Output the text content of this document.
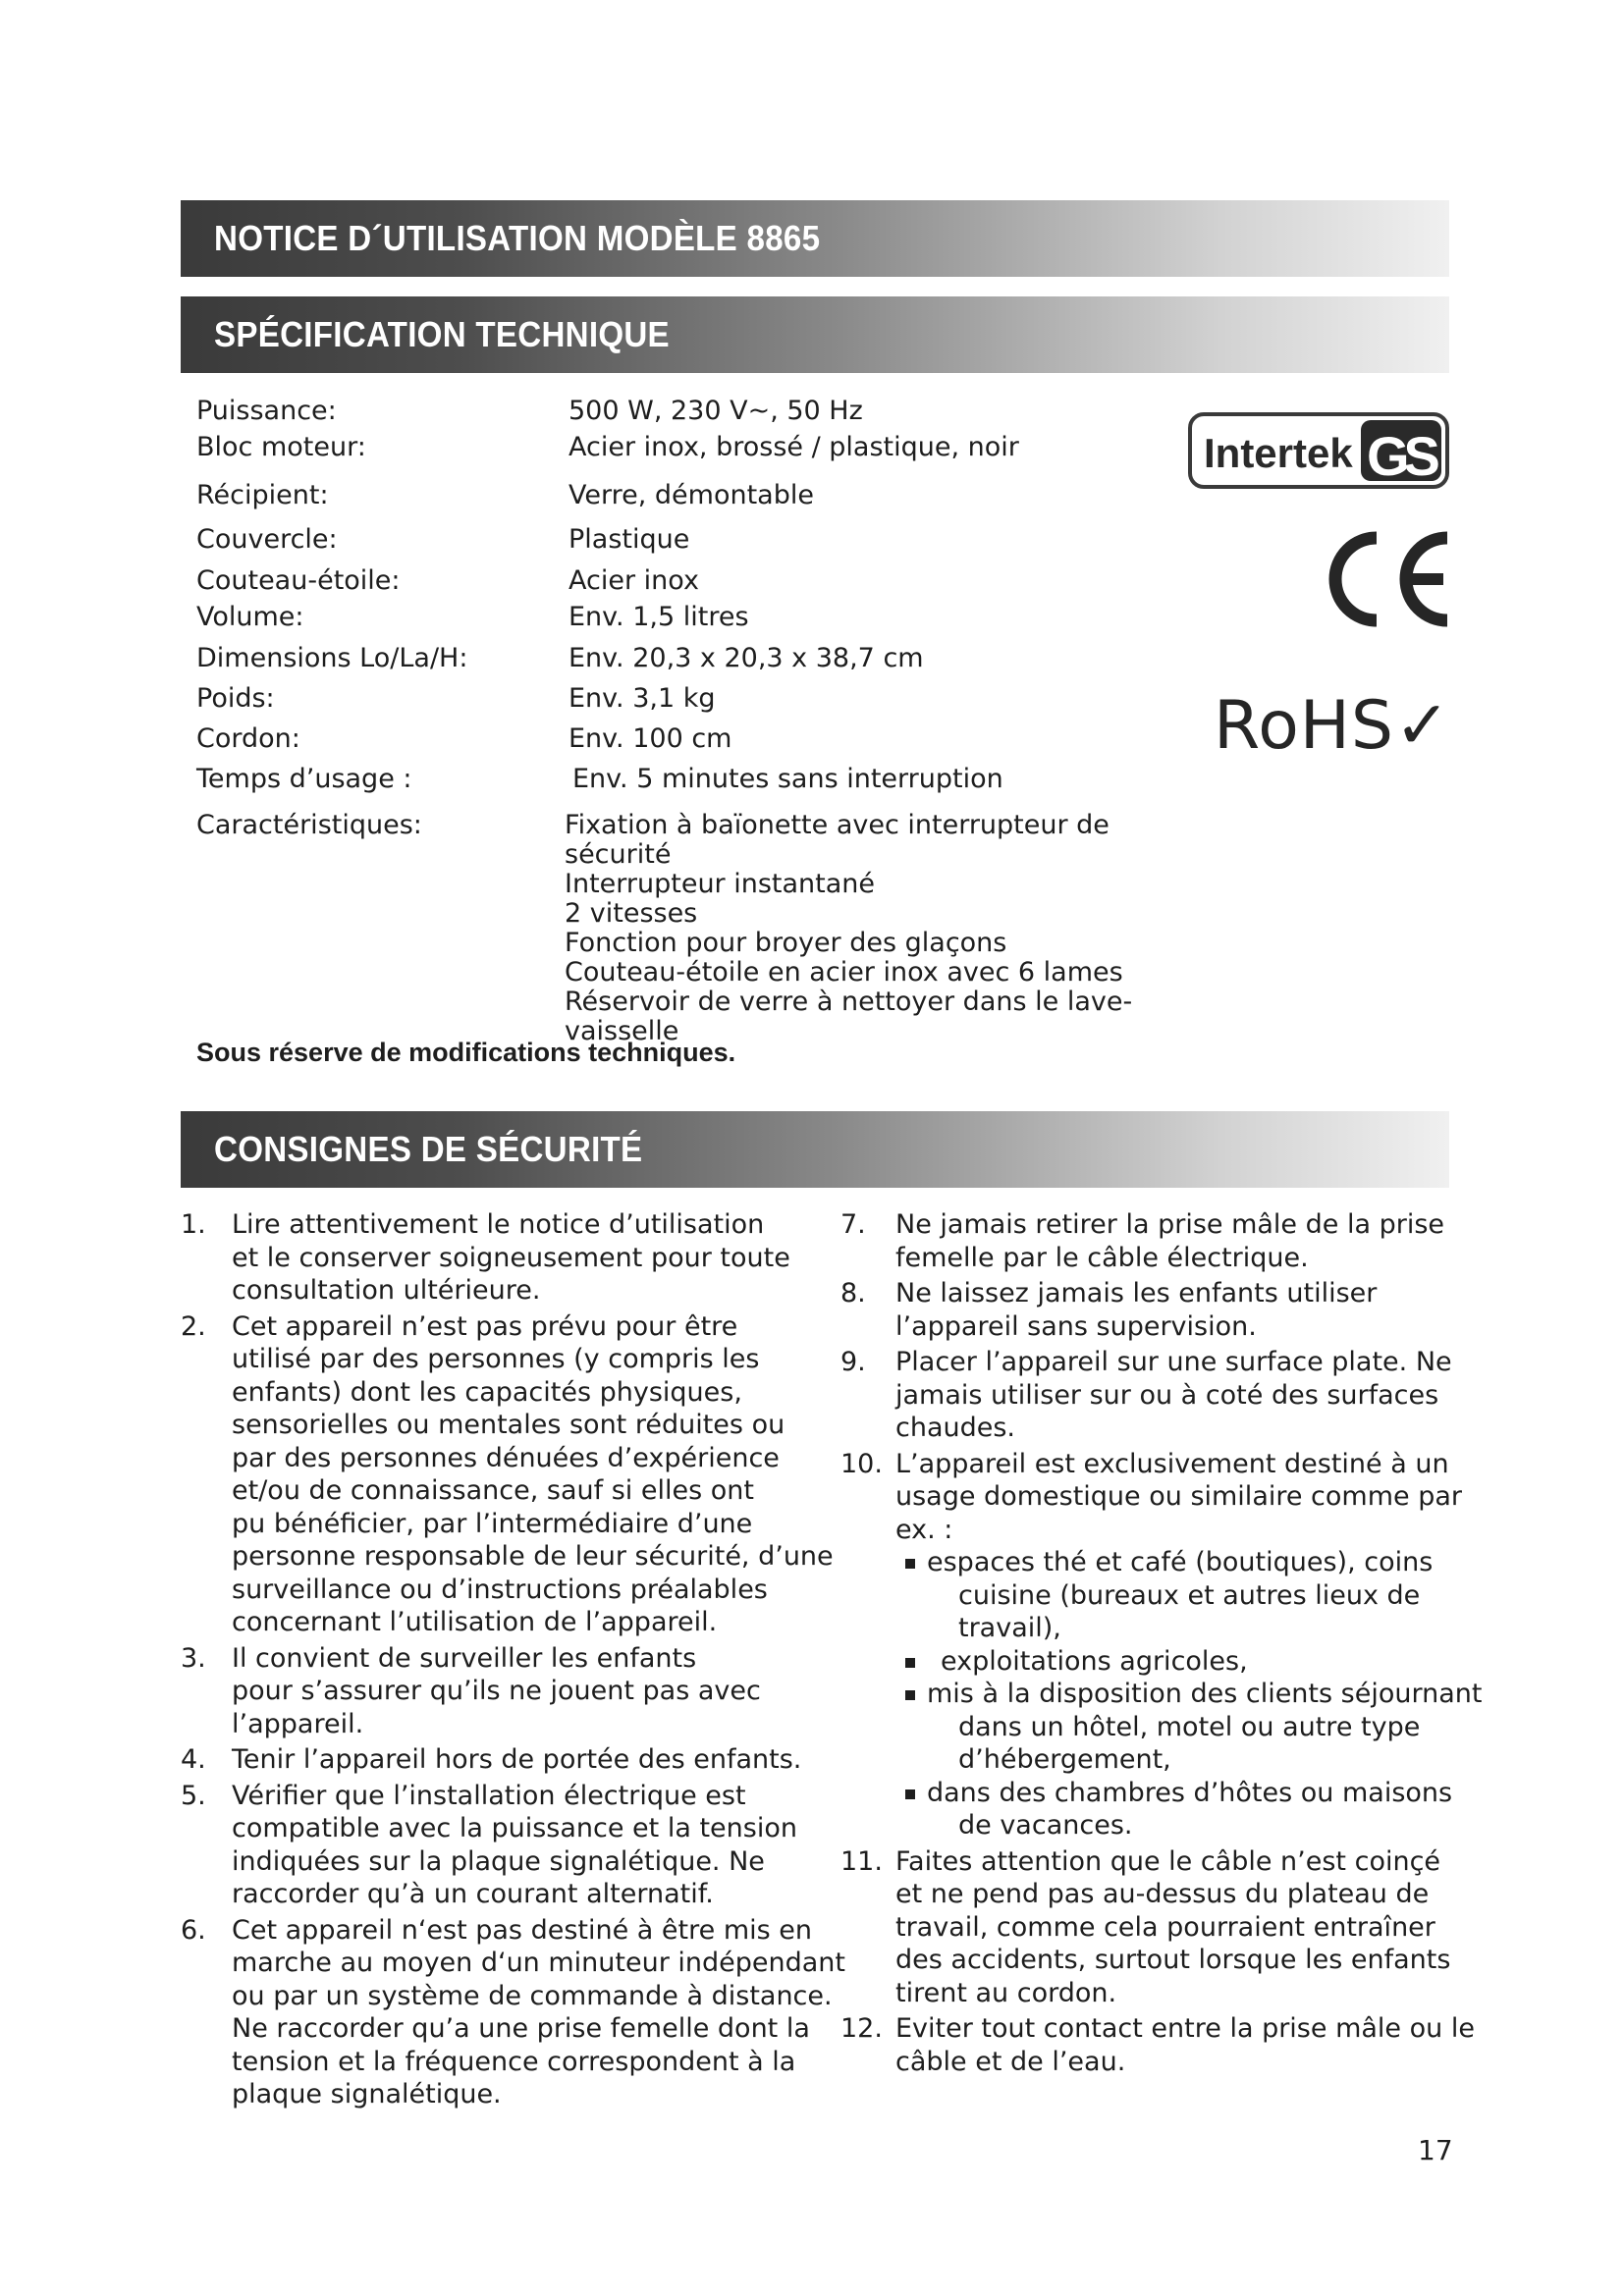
NOTICE D´UTILISATION MODÈLE 8865
SPÉCIFICATION TECHNIQUE
Puissance:	500 W, 230 V~, 50 Hz
Bloc moteur:	Acier inox, brossé / plastique, noir
Récipient:	Verre, démontable
Couvercle:	Plastique
Couteau-étoile:	Acier inox
Volume:	Env. 1,5 litres
Dimensions Lo/La/H:	Env. 20,3 x 20,3 x 38,7 cm
Poids:	Env. 3,1 kg
Cordon:	Env. 100 cm
Temps d’usage :	Env. 5 minutes sans interruption
Caractéristiques:	Fixation à baïonette avec interrupteur de sécurité
Interrupteur instantané
2 vitesses
Fonction pour broyer des glaçons
Couteau-étoile en acier inox avec 6 lames
Réservoir de verre à nettoyer dans le lave-
vaisselle
Sous réserve de modifications techniques.
Intertek GS
CE
RoHS✓
CONSIGNES DE SÉCURITÉ
1. Lire attentivement le notice d’utilisation
et le conserver soigneusement pour toute
consultation ultérieure.
2. Cet appareil n’est pas prévu pour être
utilisé par des personnes (y compris les
enfants) dont les capacités physiques,
sensorielles ou mentales sont réduites ou
par des personnes dénuées d’expérience
et/ou de connaissance, sauf si elles ont
pu bénéficier, par l’intermédiaire d’une
personne responsable de leur sécurité, d’une
surveillance ou d’instructions préalables
concernant l’utilisation de l’appareil.
3. Il convient de surveiller les enfants
pour s’assurer qu’ils ne jouent pas avec
l’appareil.
4. Tenir l’appareil hors de portée des enfants.
5. Vérifier que l’installation électrique est
compatible avec la puissance et la tension
indiquées sur la plaque signalétique. Ne
raccorder qu’à un courant alternatif.
6. Cet appareil n‘est pas destiné à être mis en
marche au moyen d‘un minuteur indépendant
ou par un système de commande à distance.
Ne raccorder qu’a une prise femelle dont la
tension et la fréquence correspondent à la
plaque signalétique.
7. Ne jamais retirer la prise mâle de la prise
femelle par le câble électrique.
8. Ne laissez jamais les enfants utiliser
l’appareil sans supervision.
9. Placer l’appareil sur une surface plate. Ne
jamais utiliser sur ou à coté des surfaces
chaudes.
10. L’appareil est exclusivement destiné à un
usage domestique ou similaire comme par
ex. :
espaces thé et café (boutiques), coins
cuisine (bureaux et autres lieux de
travail),
exploitations agricoles,
mis à la disposition des clients séjournant
dans un hôtel, motel ou autre type
d’hébergement,
dans des chambres d’hôtes ou maisons
de vacances.
11. Faites attention que le câble n’est coinçé
et ne pend pas au-dessus du plateau de
travail, comme cela pourraient entraîner
des accidents, surtout lorsque les enfants
tirent au cordon.
12. Eviter tout contact entre la prise mâle ou le
câble et de l’eau.
17
